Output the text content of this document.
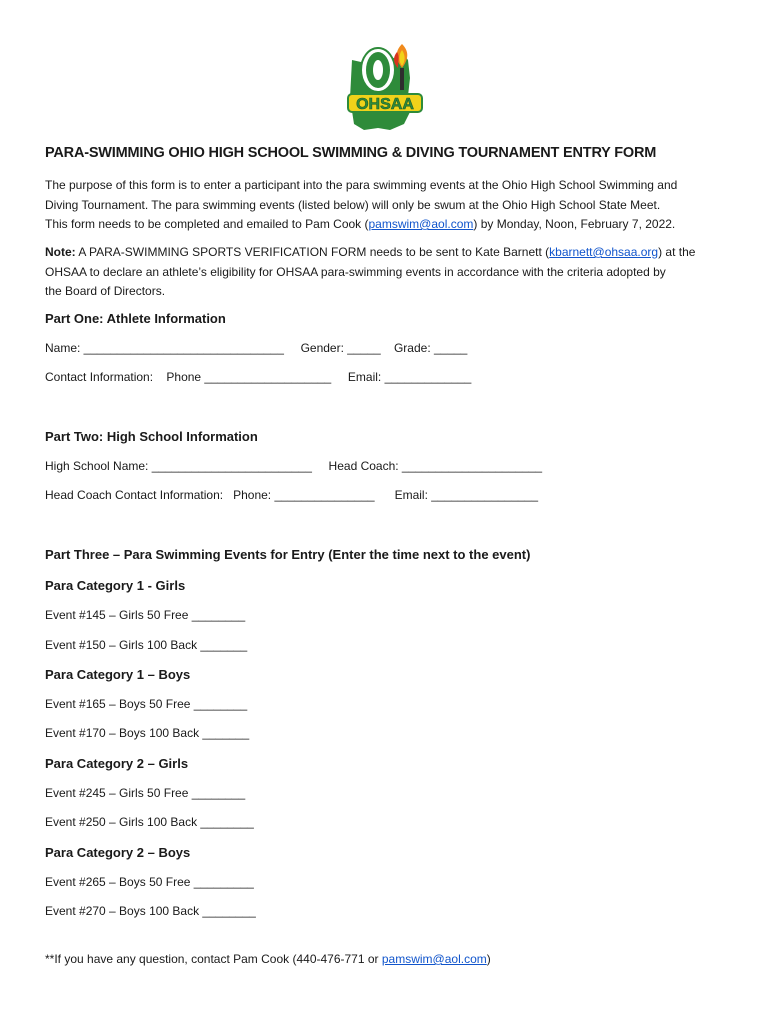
OHSAA
PARA-SWIMMING OHIO HIGH SCHOOL SWIMMING & DIVING TOURNAMENT ENTRY FORM

The purpose of this form is to enter a participant into the para swimming events at the Ohio High School Swimming and
Diving Tournament. The para swimming events (listed below) will only be swum at the Ohio High School State Meet.
This form needs to be completed and emailed to Pam Cook (pamswim@aol.com) by Monday, Noon, February 7, 2022.

Note: A PARA-SWIMMING SPORTS VERIFICATION FORM needs to be sent to Kate Barnett (kbarnett@ohsaa.org) at the
OHSAA to declare an athlete’s eligibility for OHSAA para-swimming events in accordance with the criteria adopted by
the Board of Directors.

Part One: Athlete Information
Name: ______________________________     Gender: _____    Grade: _____
Contact Information:    Phone ___________________     Email: _____________
Part Two: High School Information
High School Name: ________________________     Head Coach: _____________________
Head Coach Contact Information:   Phone: _______________      Email: ________________
Part Three – Para Swimming Events for Entry (Enter the time next to the event)
Para Category 1 - Girls
Event #145 – Girls 50 Free ________
Event #150 – Girls 100 Back _______
Para Category 1 – Boys
Event #165 – Boys 50 Free ________
Event #170 – Boys 100 Back _______
Para Category 2 – Girls
Event #245 – Girls 50 Free ________
Event #250 – Girls 100 Back ________
Para Category 2 – Boys
Event #265 – Boys 50 Free _________
Event #270 – Boys 100 Back ________
**If you have any question, contact Pam Cook (440-476-771 or pamswim@aol.com)
